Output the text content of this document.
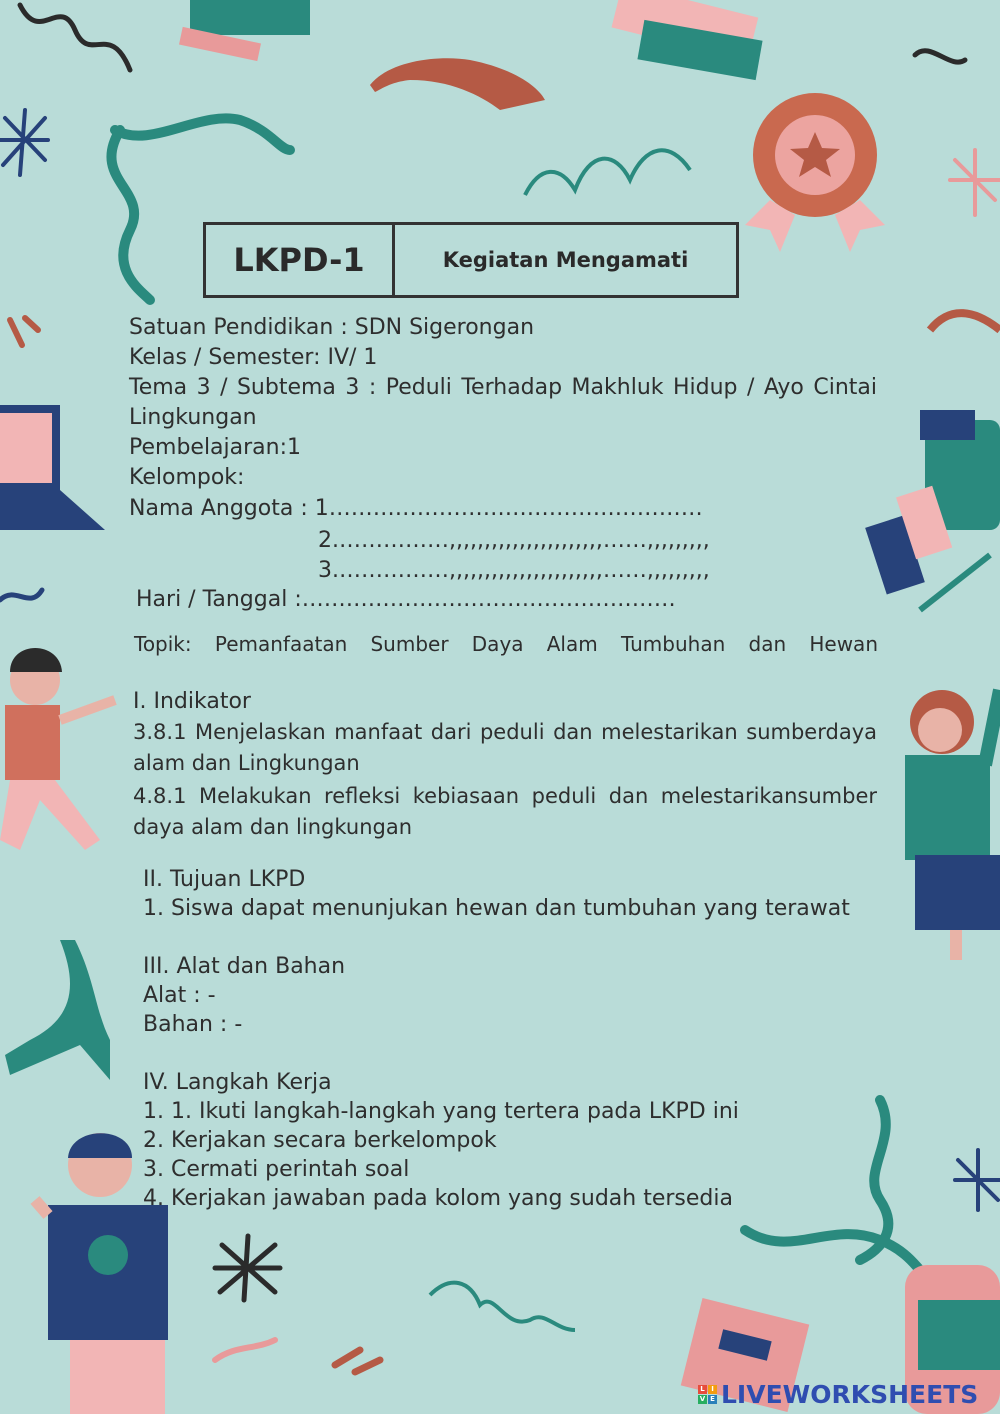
LKPD-1	Kegiatan Mengamati
Satuan Pendidikan : SDN Sigerongan
Kelas / Semester: IV/ 1
Tema 3 / Subtema 3 : Peduli Terhadap Makhluk Hidup / Ayo Cintai
Lingkungan
Pembelajaran:1
Kelompok:
Nama Anggota : 1……………………………………………
2.……………,,,,,,,,,,,,,,,,,,,,,,……,,,,,,,,,
3.……………,,,,,,,,,,,,,,,,,,,,,,……,,,,,,,,,
Hari / Tanggal :……………………………………………
Topik: Pemanfaatan Sumber Daya Alam Tumbuhan dan Hewan
I. Indikator
3.8.1 Menjelaskan manfaat dari peduli dan melestarikan sumberdaya
alam dan Lingkungan
4.8.1 Melakukan refleksi kebiasaan peduli dan melestarikansumber
daya alam dan lingkungan
II. Tujuan LKPD
1. Siswa dapat menunjukan hewan dan tumbuhan yang terawat
III. Alat dan Bahan
Alat : -
Bahan : -
IV. Langkah Kerja
1. 1. Ikuti langkah-langkah yang tertera pada LKPD ini
2. Kerjakan secara berkelompok
3. Cermati perintah soal
4. Kerjakan jawaban pada kolom yang sudah tersedia
L I
V E LIVEWORKSHEETS
